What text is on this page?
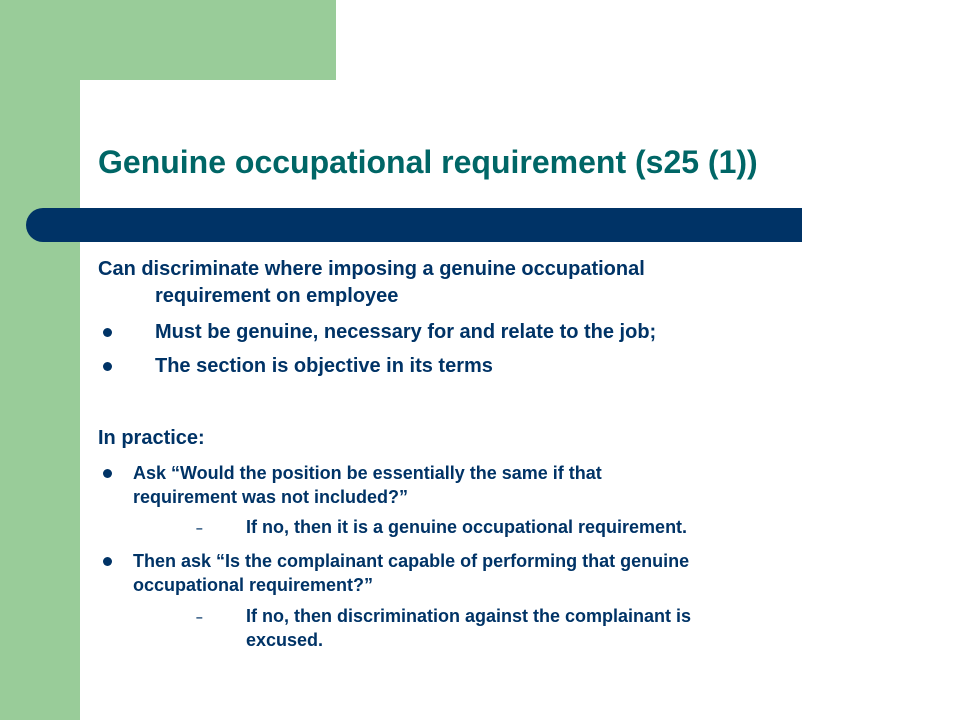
Genuine occupational requirement (s25 (1))
Can discriminate where imposing a genuine occupational
requirement on employee
Must be genuine, necessary for and relate to the job;
The section is objective in its terms
In practice:
Ask “Would the position be essentially the same if that
requirement was not included?”
– If no, then it is a genuine occupational requirement.
Then ask “Is the complainant capable of performing that genuine
occupational requirement?”
– If no, then discrimination against the complainant is
excused.
